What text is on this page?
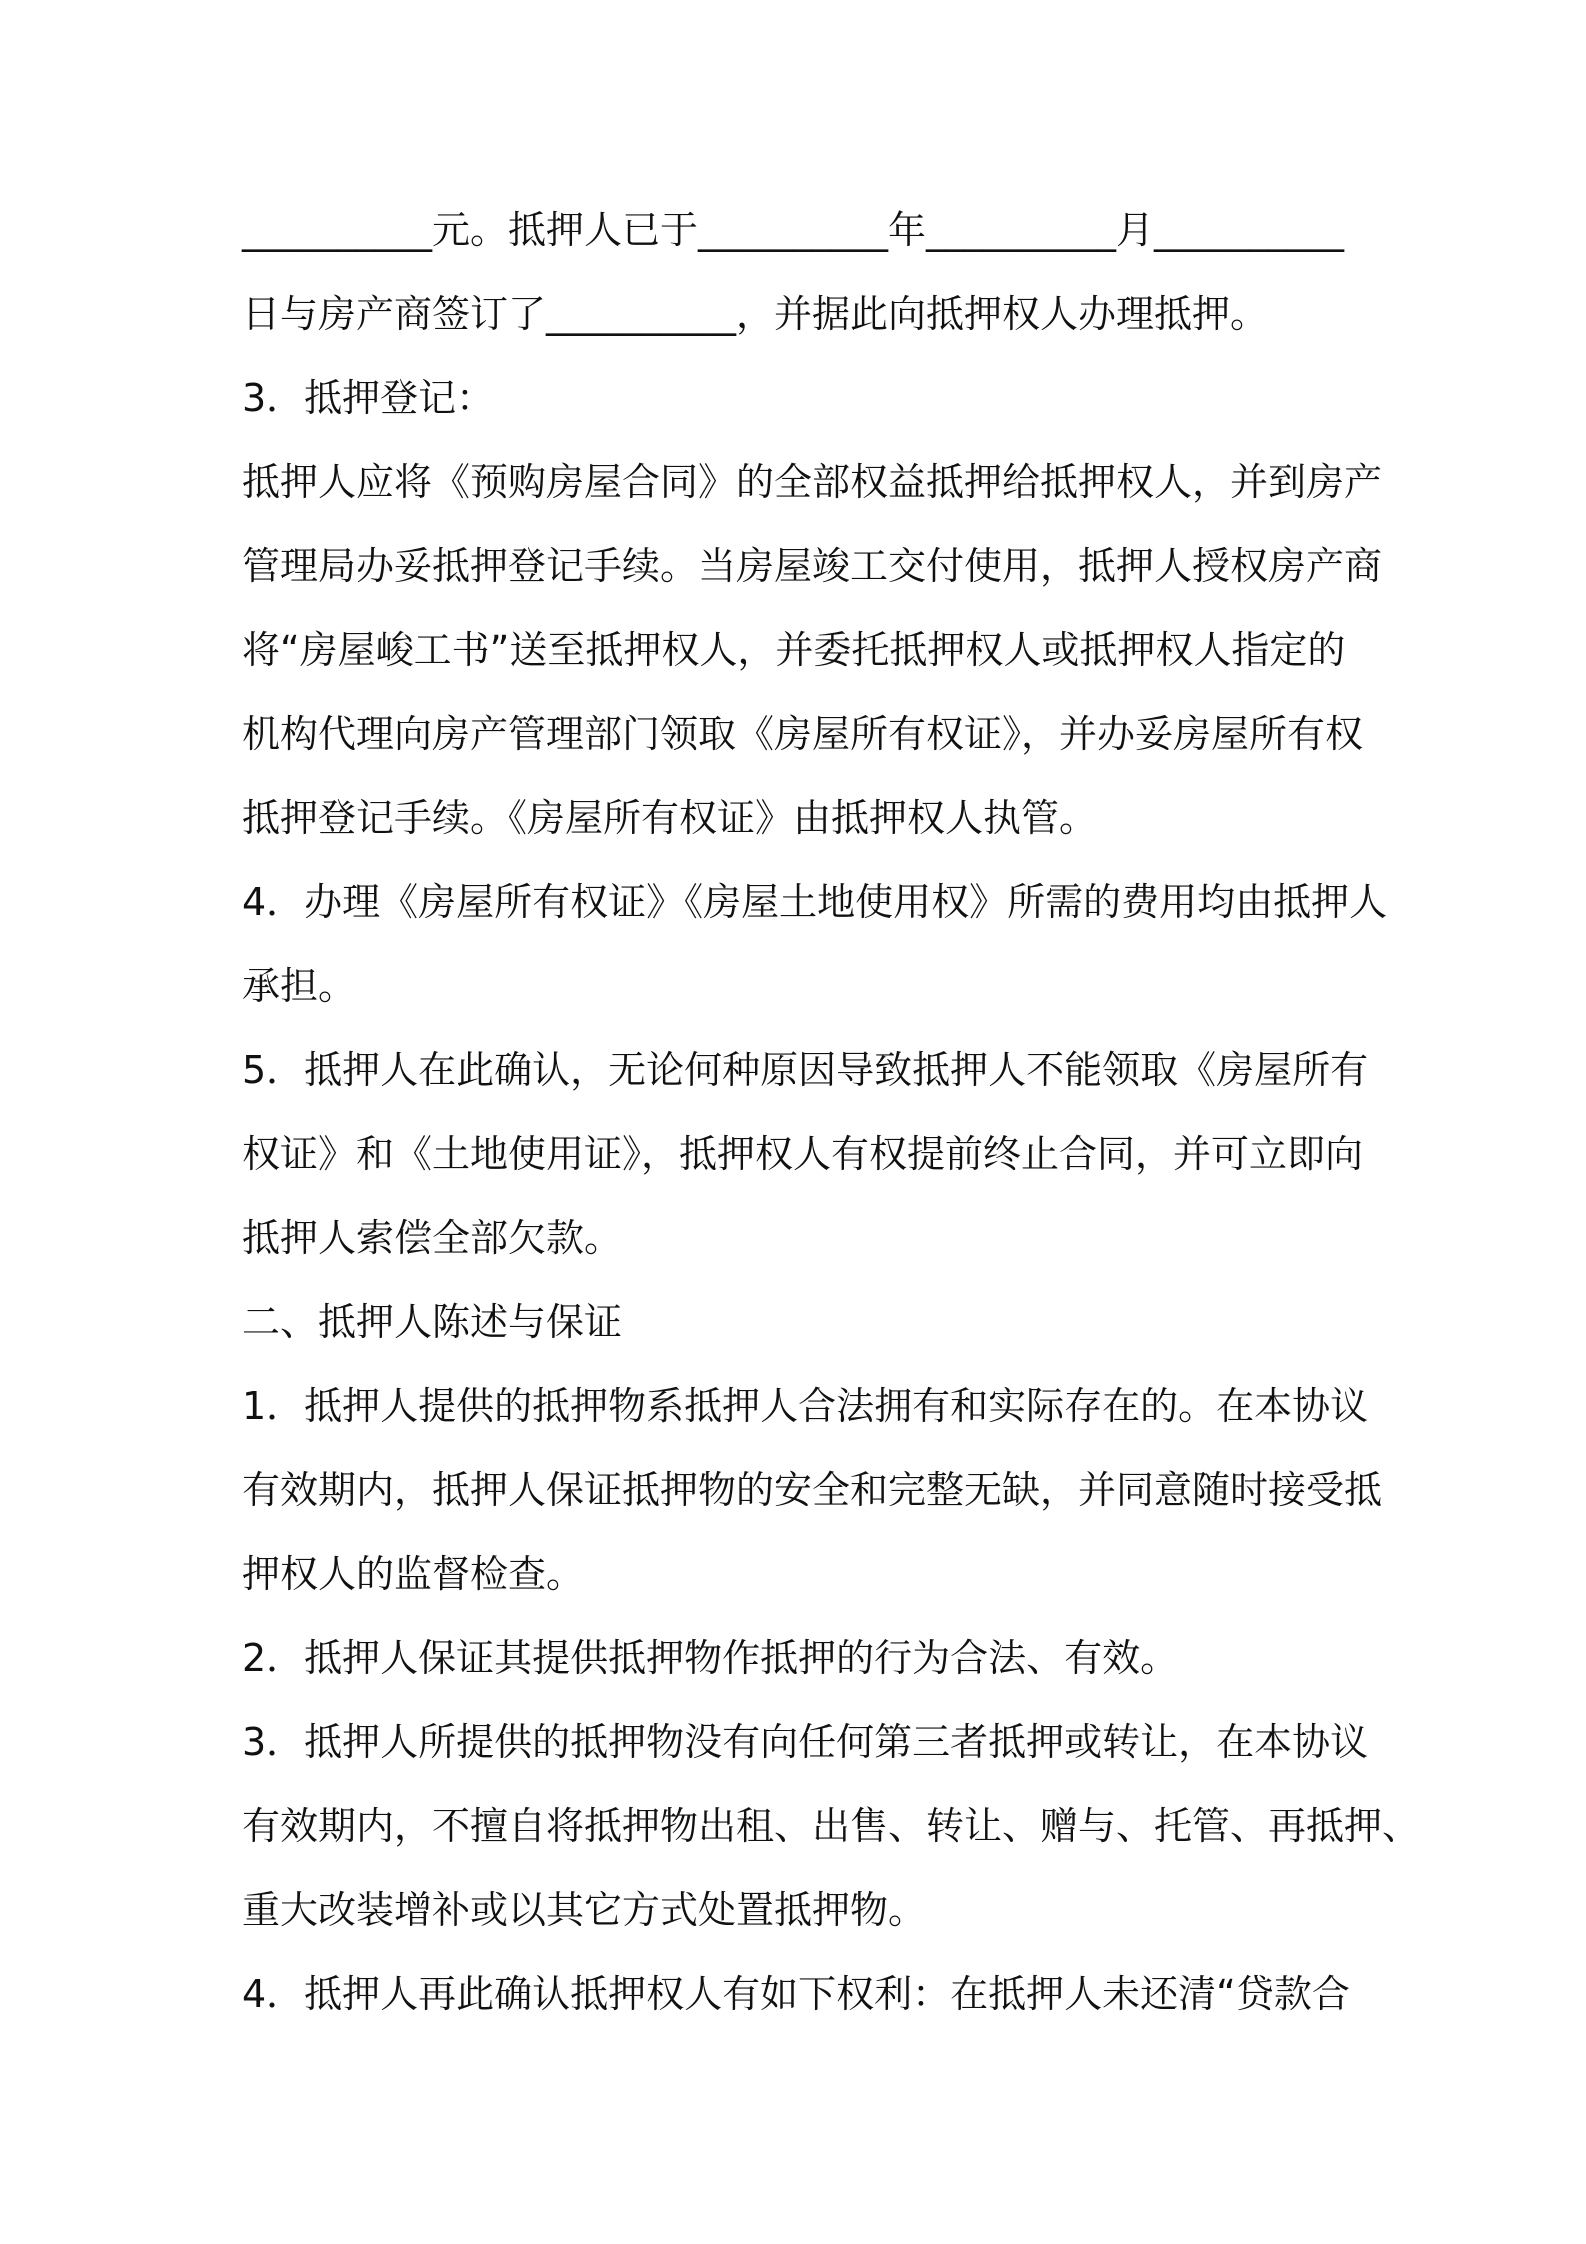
__________元。抵押人已于__________年__________月__________
日与房产商签订了__________，并据此向抵押权人办理抵押。
3．抵押登记：
抵押人应将《预购房屋合同》的全部权益抵押给抵押权人，并到房产
管理局办妥抵押登记手续。当房屋竣工交付使用，抵押人授权房产商
将“房屋峻工书”送至抵押权人，并委托抵押权人或抵押权人指定的
机构代理向房产管理部门领取《房屋所有权证》，并办妥房屋所有权
抵押登记手续。《房屋所有权证》由抵押权人执管。
4．办理《房屋所有权证》《房屋土地使用权》所需的费用均由抵押人
承担。
5．抵押人在此确认，无论何种原因导致抵押人不能领取《房屋所有
权证》和《土地使用证》，抵押权人有权提前终止合同，并可立即向
抵押人索偿全部欠款。
二、抵押人陈述与保证
1．抵押人提供的抵押物系抵押人合法拥有和实际存在的。在本协议
有效期内，抵押人保证抵押物的安全和完整无缺，并同意随时接受抵
押权人的监督检查。
2．抵押人保证其提供抵押物作抵押的行为合法、有效。
3．抵押人所提供的抵押物没有向任何第三者抵押或转让，在本协议
有效期内，不擅自将抵押物出租、出售、转让、赠与、托管、再抵押、
重大改装增补或以其它方式处置抵押物。
4．抵押人再此确认抵押权人有如下权利：在抵押人未还清“贷款合
